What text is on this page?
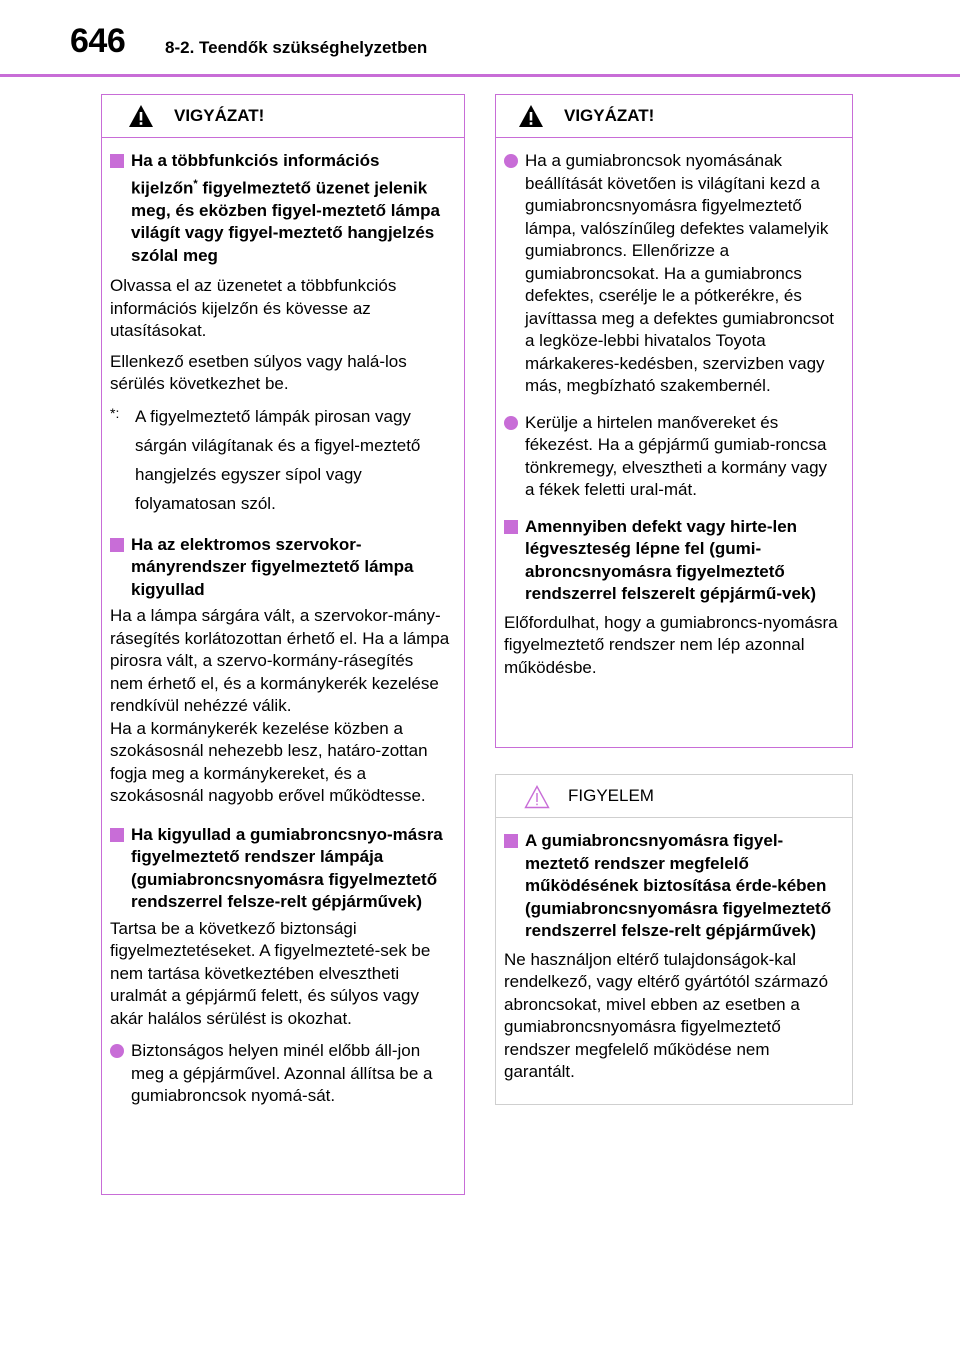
646 8-2. Teendők szükséghelyzetben
VIGYÁZAT!
Ha a többfunkciós információs kijelzőn* figyelmeztető üzenet jelenik meg, és eközben figyel-meztető lámpa világít vagy figyel-meztető hangjelzés szólal meg
Olvassa el az üzenetet a többfunkciós információs kijelzőn és kövesse az utasításokat.
Ellenkező esetben súlyos vagy halá-los sérülés következhet be.
*: A figyelmeztető lámpák pirosan vagy sárgán világítanak és a figyel-meztető hangjelzés egyszer sípol vagy folyamatosan szól.
Ha az elektromos szervokor-mányrendszer figyelmeztető lámpa kigyullad
Ha a lámpa sárgára vált, a szervokor-mány-rásegítés korlátozottan érhető el. Ha a lámpa pirosra vált, a szervo-kormány-rásegítés nem érhető el, és a kormánykerék kezelése rendkívül nehézzé válik.
Ha a kormánykerék kezelése közben a szokásosnál nehezebb lesz, határo-zottan fogja meg a kormánykereket, és a szokásosnál nagyobb erővel működtesse.
Ha kigyullad a gumiabroncsnyo-másra figyelmeztető rendszer lámpája (gumiabroncsnyomásra figyelmeztető rendszerrel felsze-relt gépjárművek)
Tartsa be a következő biztonsági figyelmeztetéseket. A figyelmezteté-sek be nem tartása következtében elvesztheti uralmát a gépjármű felett, és súlyos vagy akár halálos sérülést is okozhat.
Biztonságos helyen minél előbb áll-jon meg a gépjárművel. Azonnal állítsa be a gumiabroncsok nyomá-sát.
VIGYÁZAT!
Ha a gumiabroncsok nyomásának beállítását követően is világítani kezd a gumiabroncsnyomásra figyelmeztető lámpa, valószínűleg defektes valamelyik gumiabroncs. Ellenőrizze a gumiabroncsokat. Ha a gumiabroncs defektes, cserélje le a pótkerékre, és javíttassa meg a defektes gumiabroncsot a legköze-lebbi hivatalos Toyota márkakeres-kedésben, szervizben vagy más, megbízható szakembernél.
Kerülje a hirtelen manővereket és fékezést. Ha a gépjármű gumiab-roncsa tönkremegy, elvesztheti a kormány vagy a fékek feletti ural-mát.
Amennyiben defekt vagy hirte-len légveszteség lépne fel (gumi-abroncsnyomásra figyelmeztető rendszerrel felszerelt gépjármű-vek)
Előfordulhat, hogy a gumiabroncs-nyomásra figyelmeztető rendszer nem lép azonnal működésbe.
FIGYELEM
A gumiabroncsnyomásra figyel-meztető rendszer megfelelő működésének biztosítása érde-kében (gumiabroncsnyomásra figyelmeztető rendszerrel felsze-relt gépjárművek)
Ne használjon eltérő tulajdonságok-kal rendelkező, vagy eltérő gyártótól származó abroncsokat, mivel ebben az esetben a gumiabroncsnyomásra figyelmeztető rendszer megfelelő működése nem garantált.
